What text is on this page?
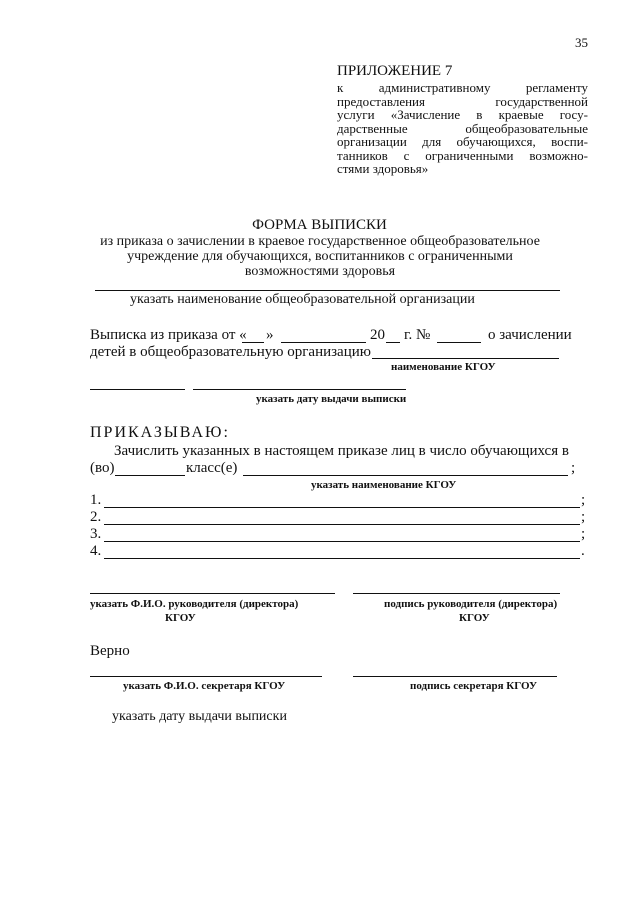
35
ПРИЛОЖЕНИЕ 7
к административному регламенту
предоставления государственной
услуги «Зачисление в краевые госу-
дарственные общеобразовательные
организации для обучающихся, воспи-
танников с ограниченными возможно-
стями здоровья»
ФОРМА ВЫПИСКИ
из приказа о зачислении в краевое государственное общеобразовательное
учреждение для обучающихся, воспитанников с ограниченными
возможностями здоровья
указать наименование общеобразовательной организации
Выписка из приказа от « »	20 г. №	о зачислении
детей в общеобразовательную организацию
наименование КГОУ
указать дату выдачи выписки
ПРИКАЗЫВАЮ:
Зачислить указанных в настоящем приказе лиц в число обучающихся в
(во)	класс(е)	;
указать наименование КГОУ
1.	;
2.	;
3.	;
4.	.
указать Ф.И.О. руководителя (директора)
КГОУ
подпись руководителя (директора)
КГОУ
Верно
указать Ф.И.О. секретаря КГОУ	подпись секретаря КГОУ
указать дату выдачи выписки
